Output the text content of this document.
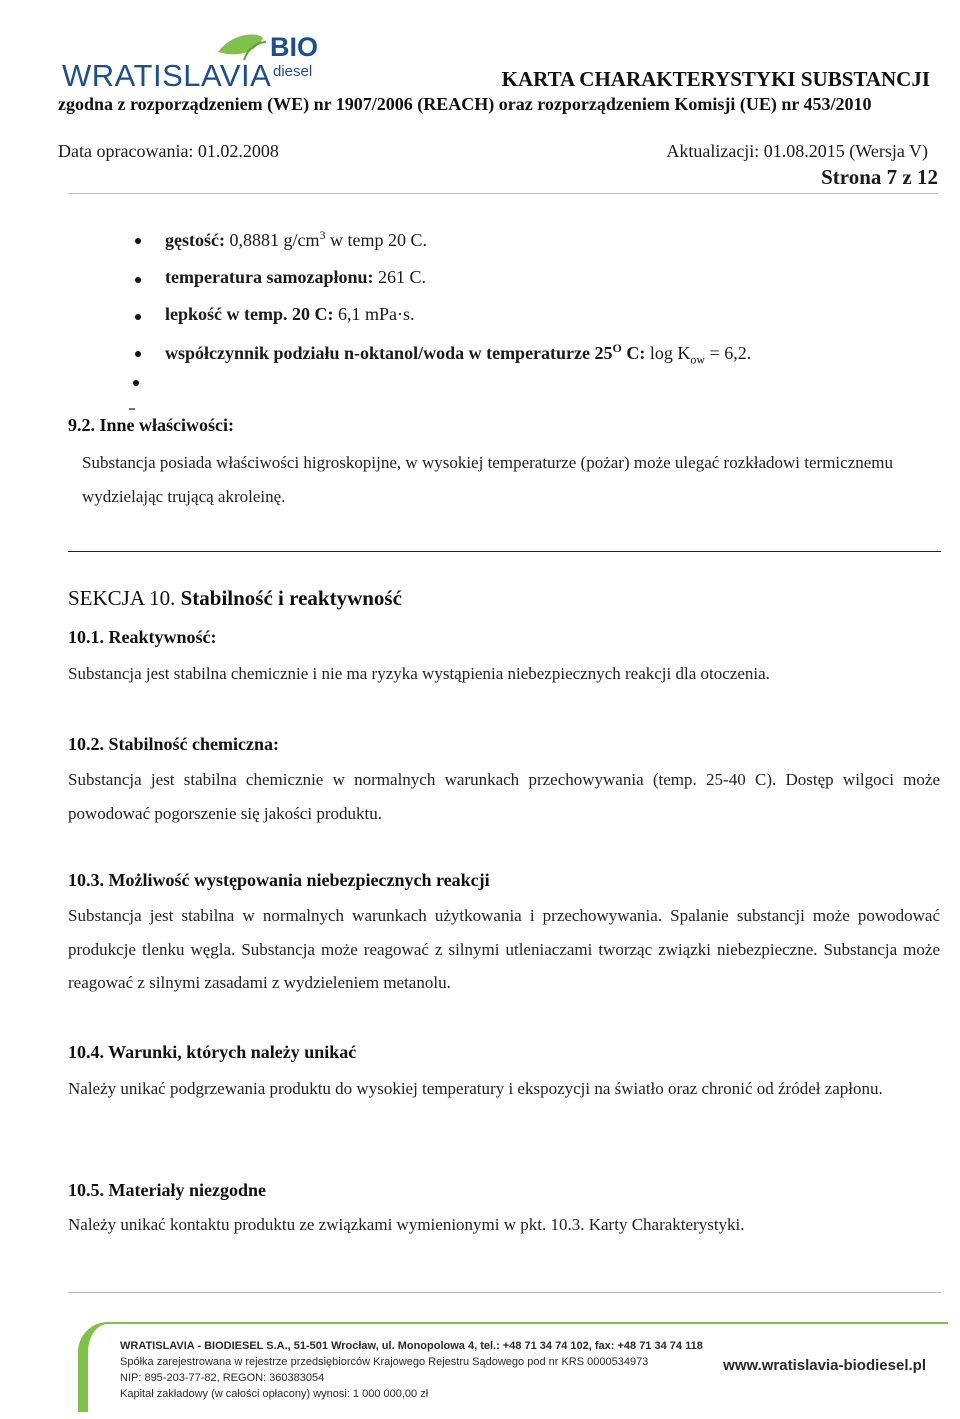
WRATISLAVIA
BIO
diesel	KARTA CHARAKTERYSTYKI SUBSTANCJI
zgodna z rozporządzeniem (WE) nr 1907/2006 (REACH) oraz rozporządzeniem Komisji (UE) nr 453/2010
Data opracowania: 01.02.2008	Aktualizacji: 01.08.2015 (Wersja V)
Strona 7 z 12
gęstość: 0,8881 $g/cm^3$ w temp 20 C.
temperatura samozapłonu: 261 C.
lepkość w temp. 20 C: 6,1 mPa·s.
współczynnik podziału n-oktanol/woda w temperaturze $25^O$ C: $\log K_{ow} = 6,2$.
9.2. Inne właściwości:
Substancja posiada właściwości higroskopijne, w wysokiej temperaturze (pożar) może ulegać rozkładowi termicznemu wydzielając trującą akroleinę.
SEKCJA 10. Stabilność i reaktywność
10.1. Reaktywność:
Substancja jest stabilna chemicznie i nie ma ryzyka wystąpienia niebezpiecznych reakcji dla otoczenia.
10.2. Stabilność chemiczna:
Substancja jest stabilna chemicznie w normalnych warunkach przechowywania (temp. 25-40 C). Dostęp wilgoci może powodować pogorszenie się jakości produktu.
10.3. Możliwość występowania niebezpiecznych reakcji
Substancja jest stabilna w normalnych warunkach użytkowania i przechowywania. Spalanie substancji może powodować produkcje tlenku węgla. Substancja może reagować z silnymi utleniaczami tworząc związki niebezpieczne. Substancja może reagować z silnymi zasadami z wydzieleniem metanolu.
10.4. Warunki, których należy unikać
Należy unikać podgrzewania produktu do wysokiej temperatury i ekspozycji na światło oraz chronić od źródeł zapłonu.
10.5. Materiały niezgodne
Należy unikać kontaktu produktu ze związkami wymienionymi w pkt. 10.3. Karty Charakterystyki.
WRATISLAVIA - BIODIESEL S.A., 51-501 Wrocław, ul. Monopolowa 4, tel.: +48 71 34 74 102, fax: +48 71 34 74 118
Spółka zarejestrowana w rejestrze przedsiębiorców Krajowego Rejestru Sądowego pod nr KRS 0000534973
NIP: 895-203-77-82, REGON: 360383054
Kapitał zakładowy (w całości opłacony) wynosi: 1 000 000,00 zł
www.wratislavia-biodiesel.pl
